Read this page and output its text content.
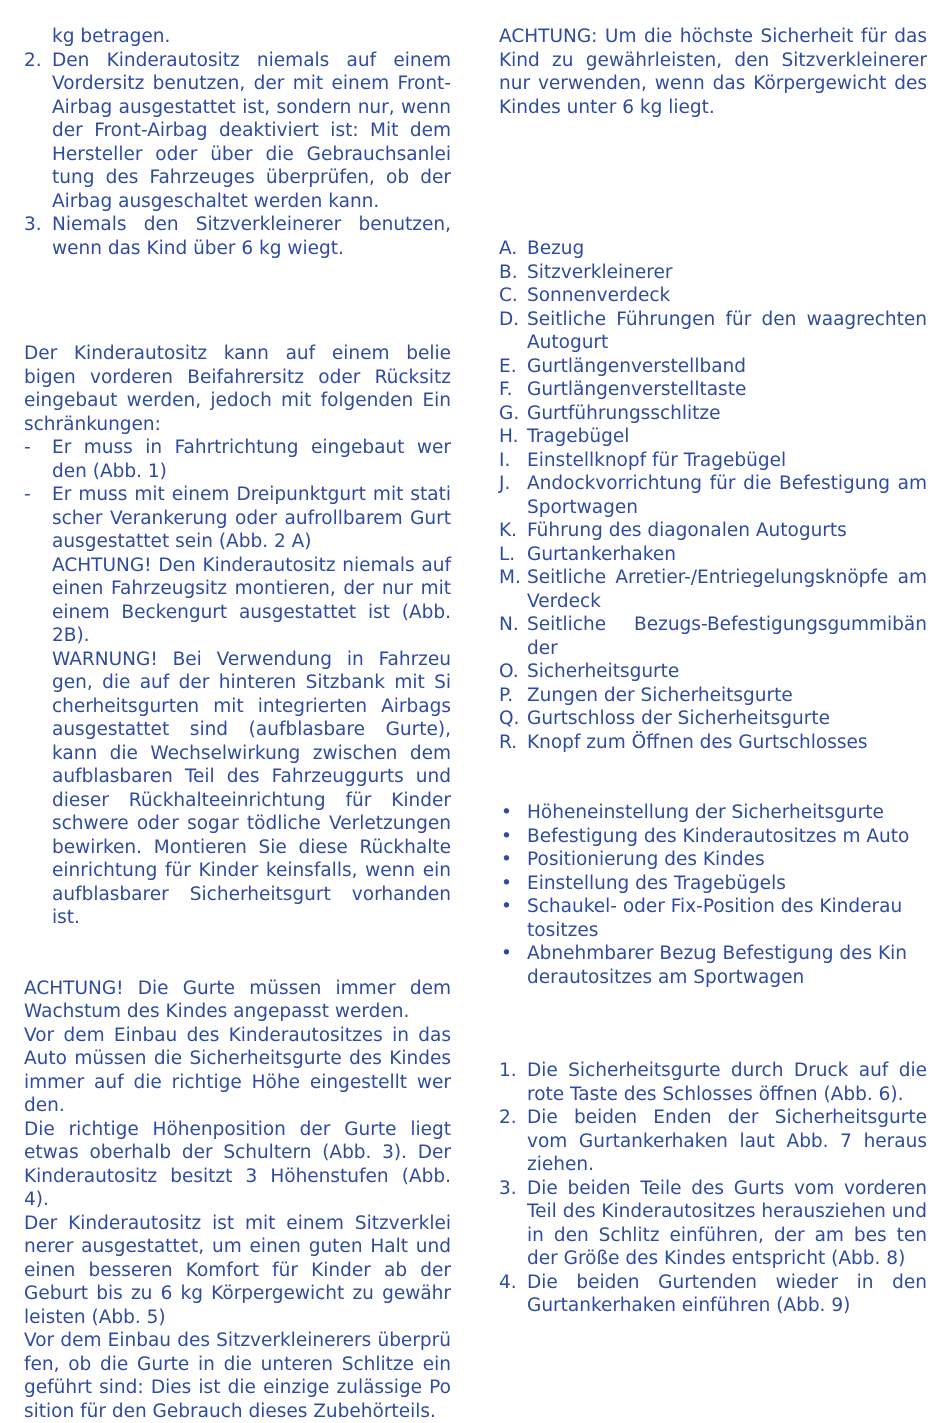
kg betragen.
2. Den Kinderautositz niemals auf einem Vordersitz benutzen, der mit einem Front-Airbag ausgestattet ist, sondern nur, wenn der Front-Airbag deaktiviert ist: Mit dem Hersteller oder über die Gebrauchsanlei tung des Fahrzeuges überprüfen, ob der Airbag ausgeschaltet werden kann.
3. Niemals den Sitzverkleinerer benutzen, wenn das Kind über 6 kg wiegt.
Der Kinderautositz kann auf einem belie bigen vorderen Beifahrersitz oder Rücksitz eingebaut werden, jedoch mit folgenden Ein schränkungen:
- Er muss in Fahrtrichtung eingebaut wer den (Abb. 1)
- Er muss mit einem Dreipunktgurt mit stati scher Verankerung oder aufrollbarem Gurt ausgestattet sein (Abb. 2 A)
ACHTUNG! Den Kinderautositz niemals auf einen Fahrzeugsitz montieren, der nur mit einem Beckengurt ausgestattet ist (Abb. 2B).
WARNUNG! Bei Verwendung in Fahrzeu gen, die auf der hinteren Sitzbank mit Si cherheitsgurten mit integrierten Airbags ausgestattet sind (aufblasbare Gurte), kann die Wechselwirkung zwischen dem aufblasbaren Teil des Fahrzeuggurts und dieser Rückhalteeinrichtung für Kinder schwere oder sogar tödliche Verletzungen bewirken. Montieren Sie diese Rückhalte einrichtung für Kinder keinsfalls, wenn ein aufblasbarer Sicherheitsgurt vorhanden ist.
ACHTUNG! Die Gurte müssen immer dem Wachstum des Kindes angepasst werden.
Vor dem Einbau des Kinderautositzes in das Auto müssen die Sicherheitsgurte des Kindes immer auf die richtige Höhe eingestellt wer den.
Die richtige Höhenposition der Gurte liegt etwas oberhalb der Schultern (Abb. 3). Der Kinderautositz besitzt 3 Höhenstufen (Abb. 4).
Der Kinderautositz ist mit einem Sitzverklei nerer ausgestattet, um einen guten Halt und einen besseren Komfort für Kinder ab der Geburt bis zu 6 kg Körpergewicht zu gewähr leisten (Abb. 5)
Vor dem Einbau des Sitzverkleinerers überprü fen, ob die Gurte in die unteren Schlitze ein geführt sind: Dies ist die einzige zulässige Po sition für den Gebrauch dieses Zubehörteils.
ACHTUNG: Um die höchste Sicherheit für das Kind zu gewährleisten, den Sitzverkleinerer nur verwenden, wenn das Körpergewicht des Kindes unter 6 kg liegt.
A. Bezug
B. Sitzverkleinerer
C. Sonnenverdeck
D. Seitliche Führungen für den waagrechten Autogurt
E. Gurtlängenverstellband
F. Gurtlängenverstelltaste
G. Gurtführungsschlitze
H. Tragebügel
I. Einstellknopf für Tragebügel
J. Andockvorrichtung für die Befestigung am Sportwagen
K. Führung des diagonalen Autogurts
L. Gurtankerhaken
M. Seitliche Arretier-/Entriegelungsknöpfe am Verdeck
N. Seitliche Bezugs-Befestigungsgummibän der
O. Sicherheitsgurte
P. Zungen der Sicherheitsgurte
Q. Gurtschloss der Sicherheitsgurte
R. Knopf zum Öffnen des Gurtschlosses
• Höheneinstellung der Sicherheitsgurte
• Befestigung des Kinderautositzes m Auto
• Positionierung des Kindes
• Einstellung des Tragebügels
• Schaukel- oder Fix-Position des Kinderau tositzes
• Abnehmbarer Bezug Befestigung des Kin derautositzes am Sportwagen
1. Die Sicherheitsgurte durch Druck auf die rote Taste des Schlosses öffnen (Abb. 6).
2. Die beiden Enden der Sicherheitsgurte vom Gurtankerhaken laut Abb. 7 heraus ziehen.
3. Die beiden Teile des Gurts vom vorderen Teil des Kinderautositzes herausziehen und in den Schlitz einführen, der am bes ten der Größe des Kindes entspricht (Abb. 8)
4. Die beiden Gurtenden wieder in den Gurtankerhaken einführen (Abb. 9)
